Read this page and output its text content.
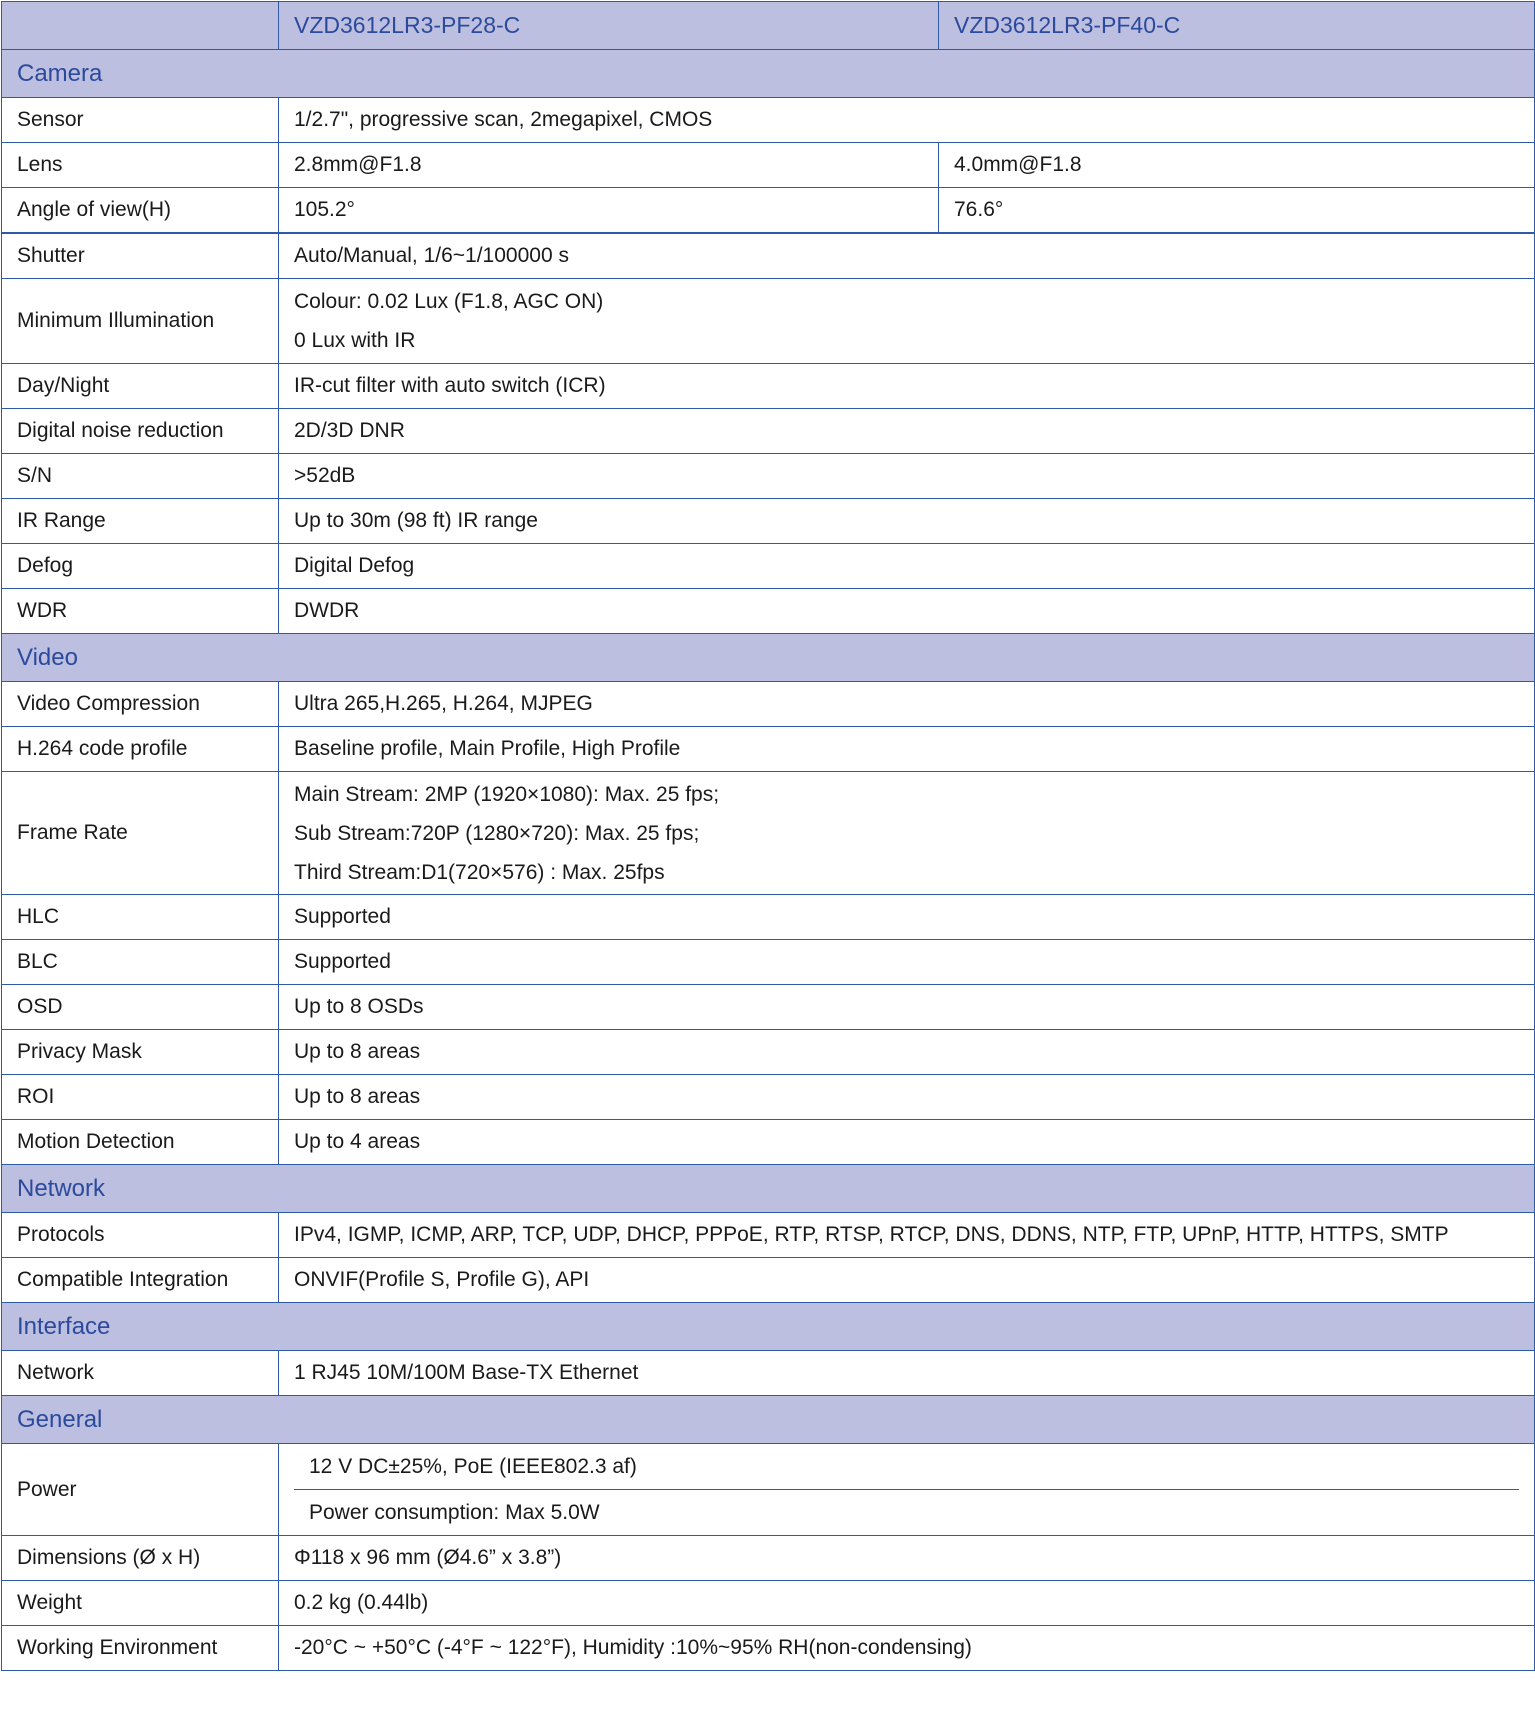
	VZD3612LR3-PF28-C	VZD3612LR3-PF40-C
Camera		
Sensor	1/2.7", progressive scan, 2megapixel, CMOS	
Lens	2.8mm@F1.8	4.0mm@F1.8
Angle of view(H)	105.2°	76.6°
Shutter	Auto/Manual, 1/6~1/100000 s	
Minimum Illumination	Colour: 0.02 Lux (F1.8, AGC ON)
0 Lux with IR	

Day/Night	IR-cut filter with auto switch (ICR)	
Digital noise reduction	2D/3D DNR	
S/N	>52dB	
IR Range	Up to 30m (98 ft) IR range	
Defog	Digital Defog	
WDR	DWDR	
Video		
Video Compression	Ultra 265,H.265, H.264, MJPEG	
H.264 code profile	Baseline profile, Main Profile, High Profile	
Frame Rate	Main Stream: 2MP (1920×1080): Max. 25 fps;
Sub Stream:720P (1280×720): Max. 25 fps;
Third Stream:D1(720×576) : Max. 25fps	

HLC	Supported	
BLC	Supported	
OSD	Up to 8 OSDs	
Privacy Mask	Up to 8 areas	
ROI	Up to 8 areas	
Motion Detection	Up to 4 areas	
Network		
Protocols	IPv4, IGMP, ICMP, ARP, TCP, UDP, DHCP, PPPoE, RTP, RTSP, RTCP, DNS, DDNS, NTP, FTP, UPnP, HTTP, HTTPS, SMTP	
Compatible Integration	ONVIF(Profile S, Profile G), API	
Interface		
Network	1 RJ45 10M/100M Base-TX Ethernet	
General		
Power	12 V DC±25%, PoE (IEEE802.3 af)
Power consumption: Max 5.0W	

Dimensions (Ø x H)	Φ118 x 96 mm (Ø4.6” x 3.8”)	
Weight	0.2 kg (0.44lb)	
Working Environment	-20°C ~ +50°C (-4°F ~ 122°F), Humidity :10%~95% RH(non-condensing)	
